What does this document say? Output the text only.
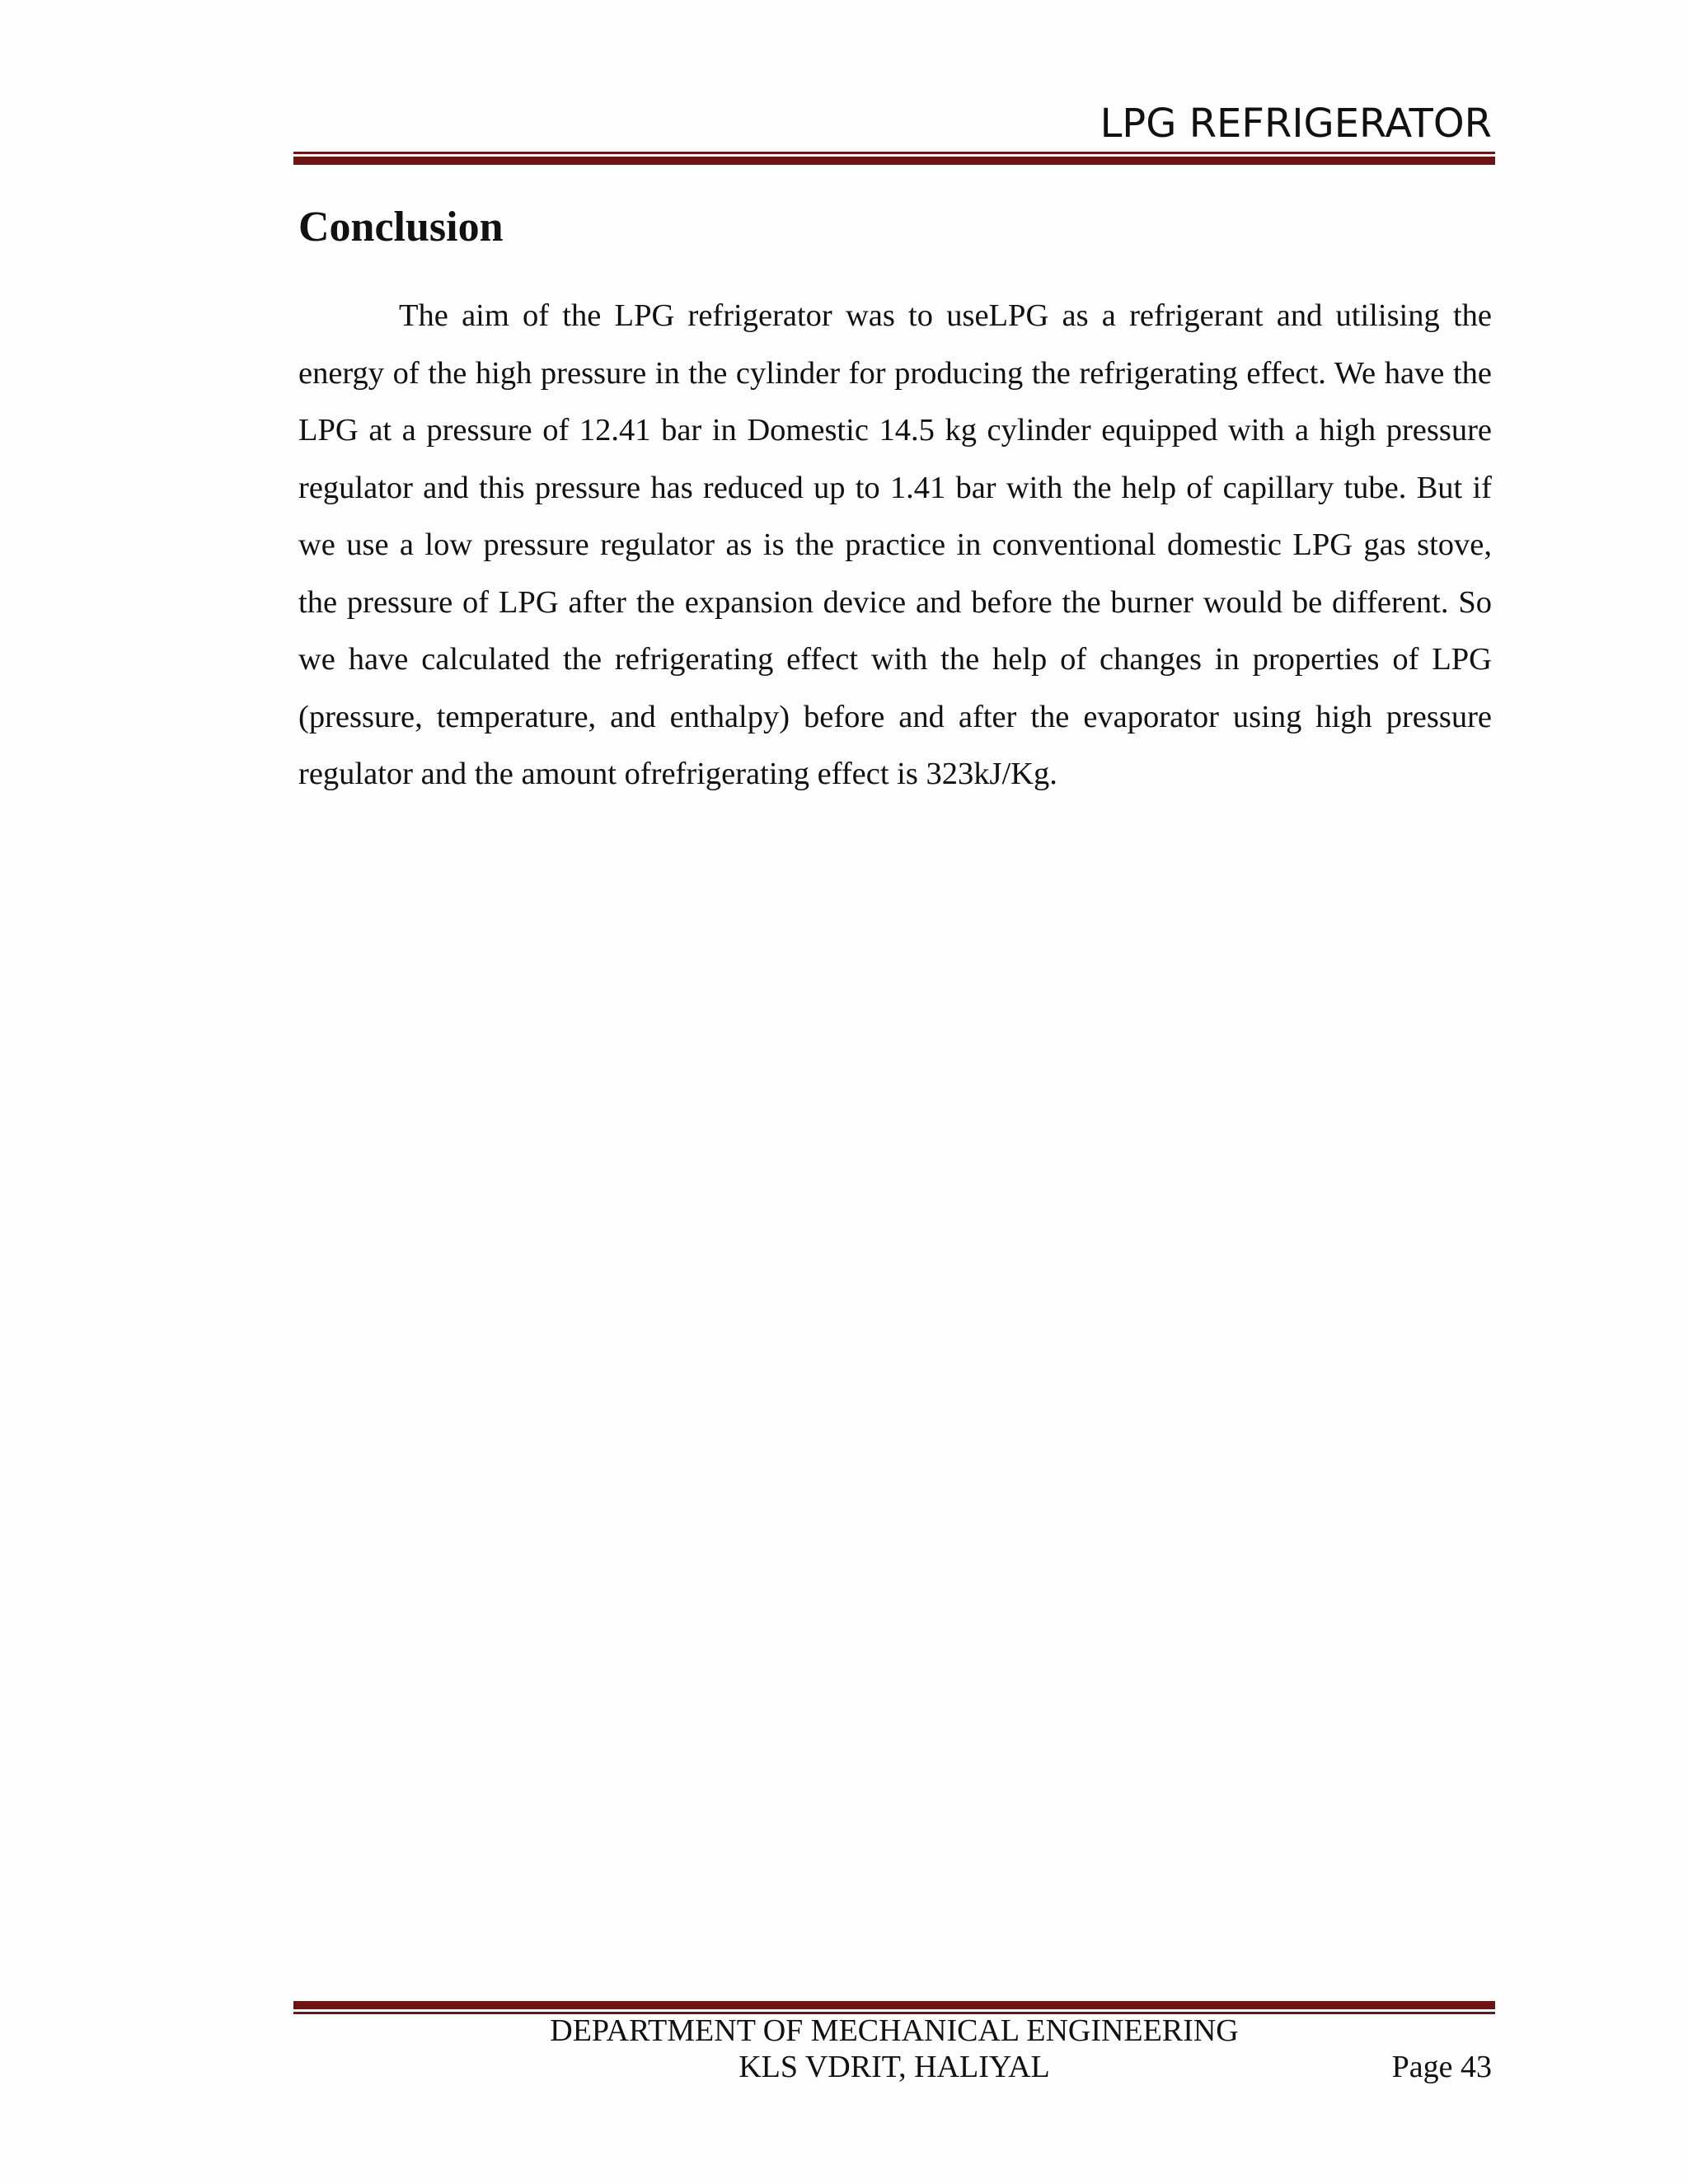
LPG REFRIGERATOR
Conclusion

The aim of the LPG refrigerator was to useLPG as a refrigerant and utilising the energy of the high pressure in the cylinder for producing the refrigerating effect. We have the LPG at a pressure of 12.41 bar in Domestic 14.5 kg cylinder equipped with a high pressure regulator and this pressure has reduced up to 1.41 bar with the help of capillary tube. But if we use a low pressure regulator as is the practice in conventional domestic LPG gas stove, the pressure of LPG after the expansion device and before the burner would be different. So we have calculated the refrigerating effect with the help of changes in properties of LPG (pressure, temperature, and enthalpy) before and after the evaporator using high pressure regulator and the amount ofrefrigerating effect is 323kJ/Kg.

DEPARTMENT OF MECHANICAL ENGINEERING
KLS VDRIT, HALIYAL	Page 43
